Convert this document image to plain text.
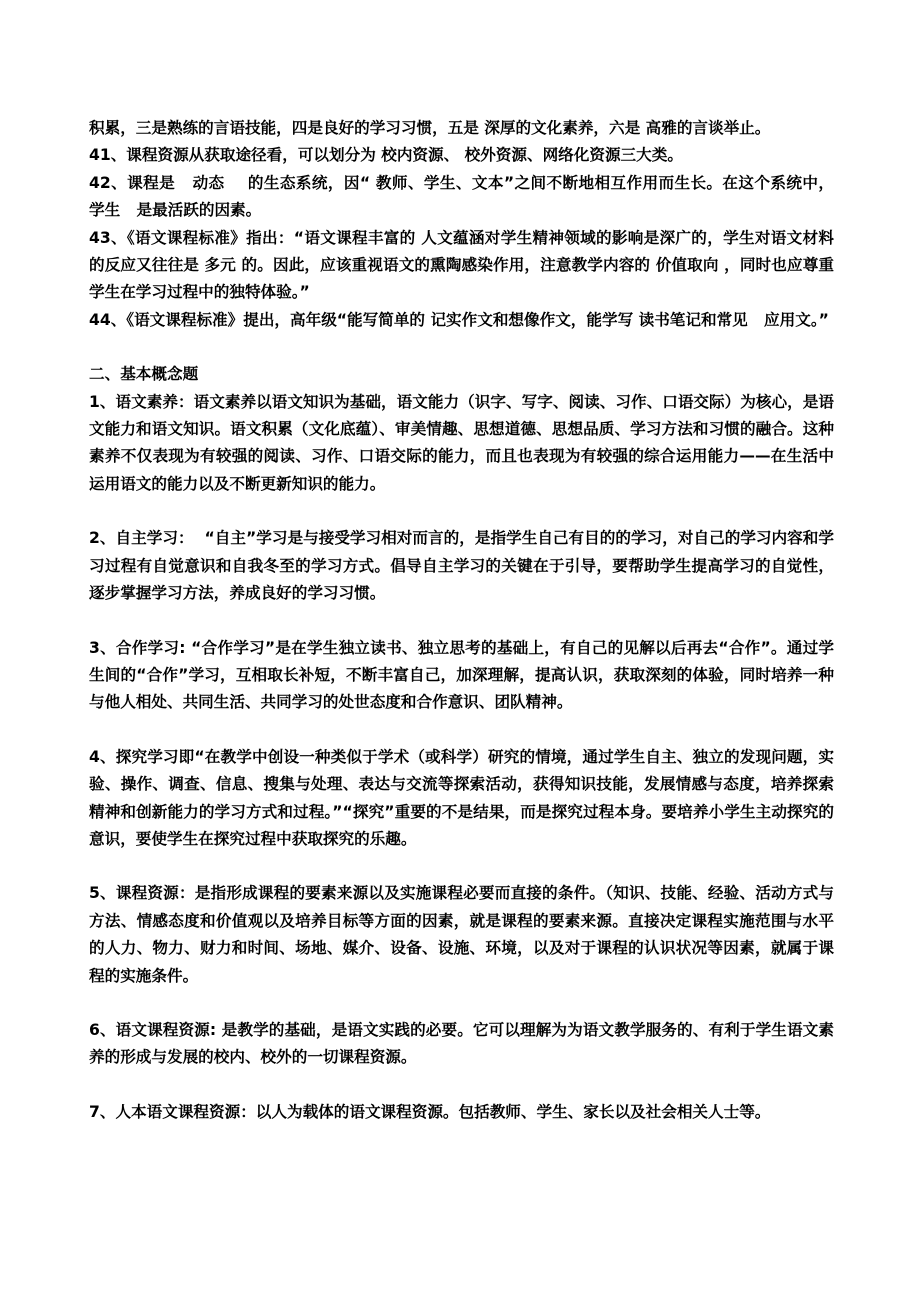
积累，三是熟练的言语技能，四是良好的学习习惯，五是 深厚的文化素养，六是 高雅的言谈举止。

41、课程资源从获取途径看，可以划分为 校内资源、 校外资源、网络化资源三大类。

42、课程是   动态    的生态系统，因“ 教师、学生、文本”之间不断地相互作用而生长。在这个系统中，   学生   是最活跃的因素。

43、《语文课程标准》指出：“语文课程丰富的 人文蕴涵对学生精神领域的影响是深广的，学生对语文材料的反应又往往是 多元 的。因此，应该重视语文的熏陶感染作用，注意教学内容的 价值取向 ，同时也应尊重学生在学习过程中的独特体验。”

44、《语文课程标准》提出，高年级“能写简单的 记实作文和想像作文，能学写 读书笔记和常见   应用文。”

二、基本概念题

1、语文素养：语文素养以语文知识为基础，语文能力（识字、写字、阅读、习作、口语交际）为核心，是语文能力和语文知识。语文积累（文化底蕴）、审美情趣、思想道德、思想品质、学习方法和习惯的融合。这种素养不仅表现为有较强的阅读、习作、口语交际的能力，而且也表现为有较强的综合运用能力——在生活中运用语文的能力以及不断更新知识的能力。

2、自主学习：  “自主”学习是与接受学习相对而言的，是指学生自己有目的的学习，对自己的学习内容和学习过程有自觉意识和自我冬至的学习方式。倡导自主学习的关键在于引导，要帮助学生提高学习的自觉性，逐步掌握学习方法，养成良好的学习习惯。

3、合作学习: “合作学习”是在学生独立读书、独立思考的基础上，有自己的见解以后再去“合作”。通过学生间的“合作”学习，互相取长补短，不断丰富自己，加深理解，提高认识，获取深刻的体验，同时培养一种与他人相处、共同生活、共同学习的处世态度和合作意识、团队精神。

4、探究学习即“在教学中创设一种类似于学术（或科学）研究的情境，通过学生自主、独立的发现问题，实验、操作、调查、信息、搜集与处理、表达与交流等探索活动，获得知识技能，发展情感与态度，培养探索精神和创新能力的学习方式和过程。”“探究”重要的不是结果，而是探究过程本身。要培养小学生主动探究的意识，要使学生在探究过程中获取探究的乐趣。

5、课程资源：是指形成课程的要素来源以及实施课程必要而直接的条件。（知识、技能、经验、活动方式与方法、情感态度和价值观以及培养目标等方面的因素，就是课程的要素来源。直接决定课程实施范围与水平的人力、物力、财力和时间、场地、媒介、设备、设施、环境，以及对于课程的认识状况等因素，就属于课程的实施条件。

6、语文课程资源: 是教学的基础，是语文实践的必要。它可以理解为为语文教学服务的、有利于学生语文素养的形成与发展的校内、校外的一切课程资源。

7、人本语文课程资源：以人为载体的语文课程资源。包括教师、学生、家长以及社会相关人士等。
